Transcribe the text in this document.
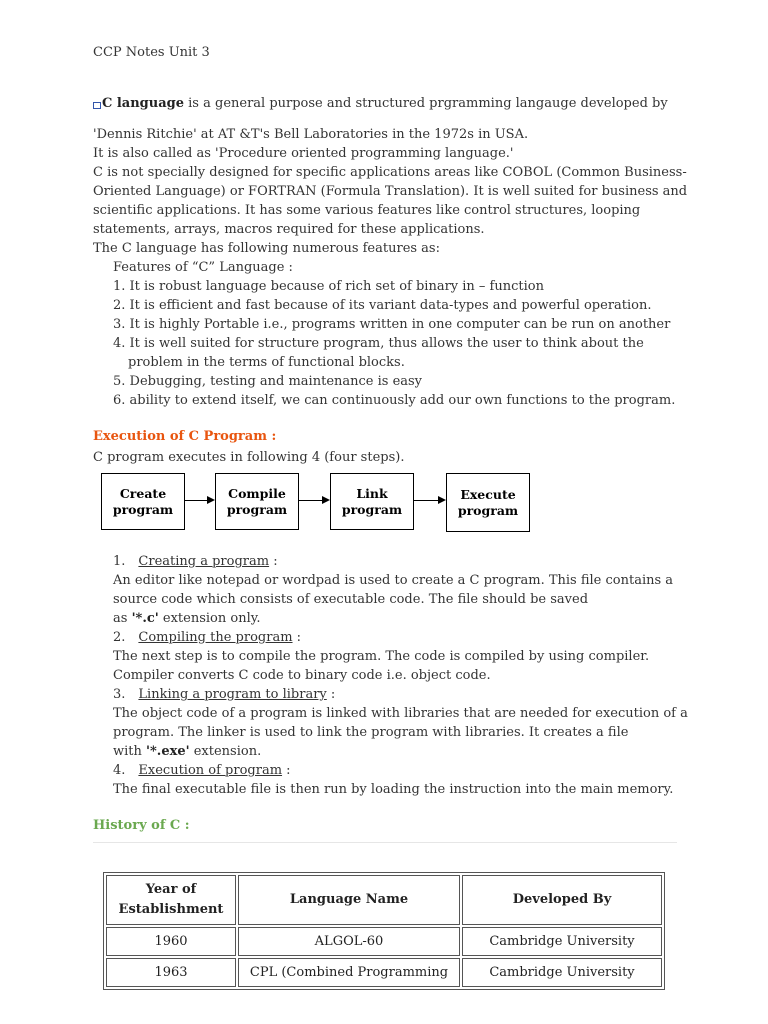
CCP Notes Unit 3
C language is a general purpose and structured prgramming langauge developed by
'Dennis Ritchie' at AT &T's Bell Laboratories in the 1972s in USA.
It is also called as 'Procedure oriented programming language.'
C is not specially designed for specific applications areas like COBOL (Common Business-
Oriented Language) or FORTRAN (Formula Translation). It is well suited for business and
scientific applications. It has some various features like control structures, looping
statements, arrays, macros required for these applications.
The C language has following numerous features as:
Features of “C” Language :
1. It is robust language because of rich set of binary in – function
2. It is efficient and fast because of its variant data-types and powerful operation.
3. It is highly Portable i.e., programs written in one computer can be run on another
4. It is well suited for structure program, thus allows the user to think about the
problem in the terms of functional blocks.
5. Debugging, testing and maintenance is easy
6. ability to extend itself, we can continuously add our own functions to the program.
Execution of C Program :
C program executes in following 4 (four steps).
Create
program
Compile
program
Link
program
Execute
program
1. Creating a program :
An editor like notepad or wordpad is used to create a C program. This file contains a
source code which consists of executable code. The file should be saved
as '*.c' extension only.
2. Compiling the program :
The next step is to compile the program. The code is compiled by using compiler.
Compiler converts C code to binary code i.e. object code.
3. Linking a program to library :
The object code of a program is linked with libraries that are needed for execution of a
program. The linker is used to link the program with libraries. It creates a file
with '*.exe' extension.
4. Execution of program :
The final executable file is then run by loading the instruction into the main memory.
History of C :
Year of
Establishment	Language Name	Developed By
1960	ALGOL-60	Cambridge University
1963	CPL (Combined Programming	Cambridge University
